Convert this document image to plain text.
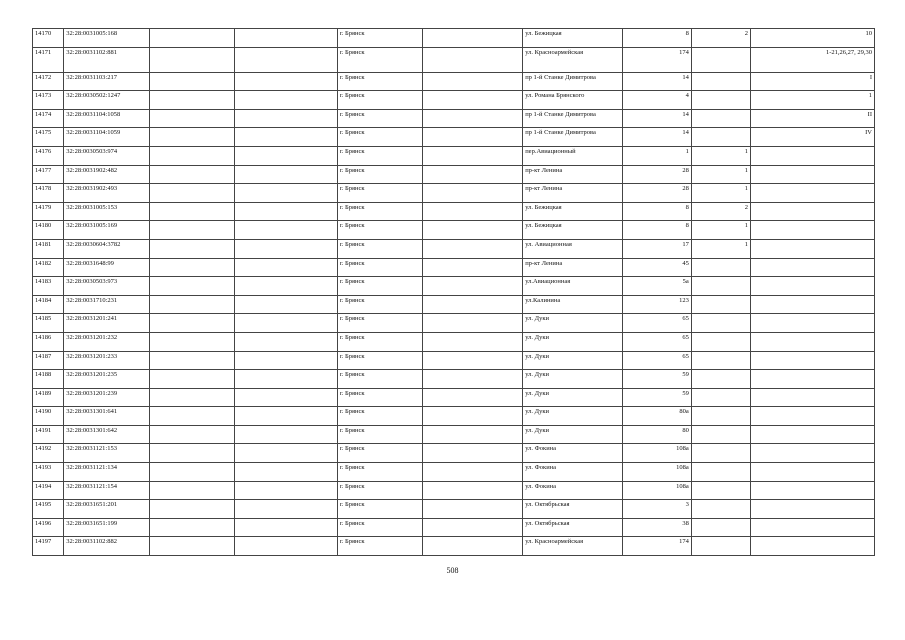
14170	32:28:0031005:168			г. Брянск		ул. Бежицкая	8	2	10
14171	32:28:0031102:881			г. Брянск		ул. Красноармейская	174		1-21,26,27, 29,30
14172	32:28:0031103:217			г. Брянск		пр 1-й Станке Димитрова	14		I
14173	32:28:0030502:1247			г. Брянск		ул. Романа Брянского	4		1
14174	32:28:0031104:1058			г. Брянск		пр 1-й Станке Димитрова	14		II
14175	32:28:0031104:1059			г. Брянск		пр 1-й Станке Димитрова	14		IV
14176	32:28:0030503:974			г. Брянск		пер.Авиационный	1	1	
14177	32:28:0031902:482			г. Брянск		пр-кт Ленина	28	1	
14178	32:28:0031902:493			г. Брянск		пр-кт Ленина	28	1	
14179	32:28:0031005:153			г. Брянск		ул. Бежицкая	8	2	
14180	32:28:0031005:169			г. Брянск		ул. Бежицкая	8	1	
14181	32:28:0030604:3782			г. Брянск		ул. Авиационная	17	1	
14182	32:28:0031648:99			г. Брянск		пр-кт Ленина	45		
14183	32:28:0030503:973			г. Брянск		ул.Авиационная	5а		
14184	32:28:0031710:231			г. Брянск		ул.Калинина	123		
14185	32:28:0031201:241			г. Брянск		ул. Дуки	65		
14186	32:28:0031201:232			г. Брянск		ул. Дуки	65		
14187	32:28:0031201:233			г. Брянск		ул. Дуки	65		
14188	32:28:0031201:235			г. Брянск		ул. Дуки	59		
14189	32:28:0031201:239			г. Брянск		ул. Дуки	59		
14190	32:28:0031301:641			г. Брянск		ул. Дуки	80а		
14191	32:28:0031301:642			г. Брянск		ул. Дуки	80		
14192	32:28:0031121:153			г. Брянск		ул. Фокина	108а		
14193	32:28:0031121:134			г. Брянск		ул. Фокина	108а		
14194	32:28:0031121:154			г. Брянск		ул. Фокина	108а		
14195	32:28:0031651:201			г. Брянск		ул. Октябрьская	3		
14196	32:28:0031651:199			г. Брянск		ул. Октябрьская	38		
14197	32:28:0031102:882			г. Брянск		ул. Красноармейская	174		
508
